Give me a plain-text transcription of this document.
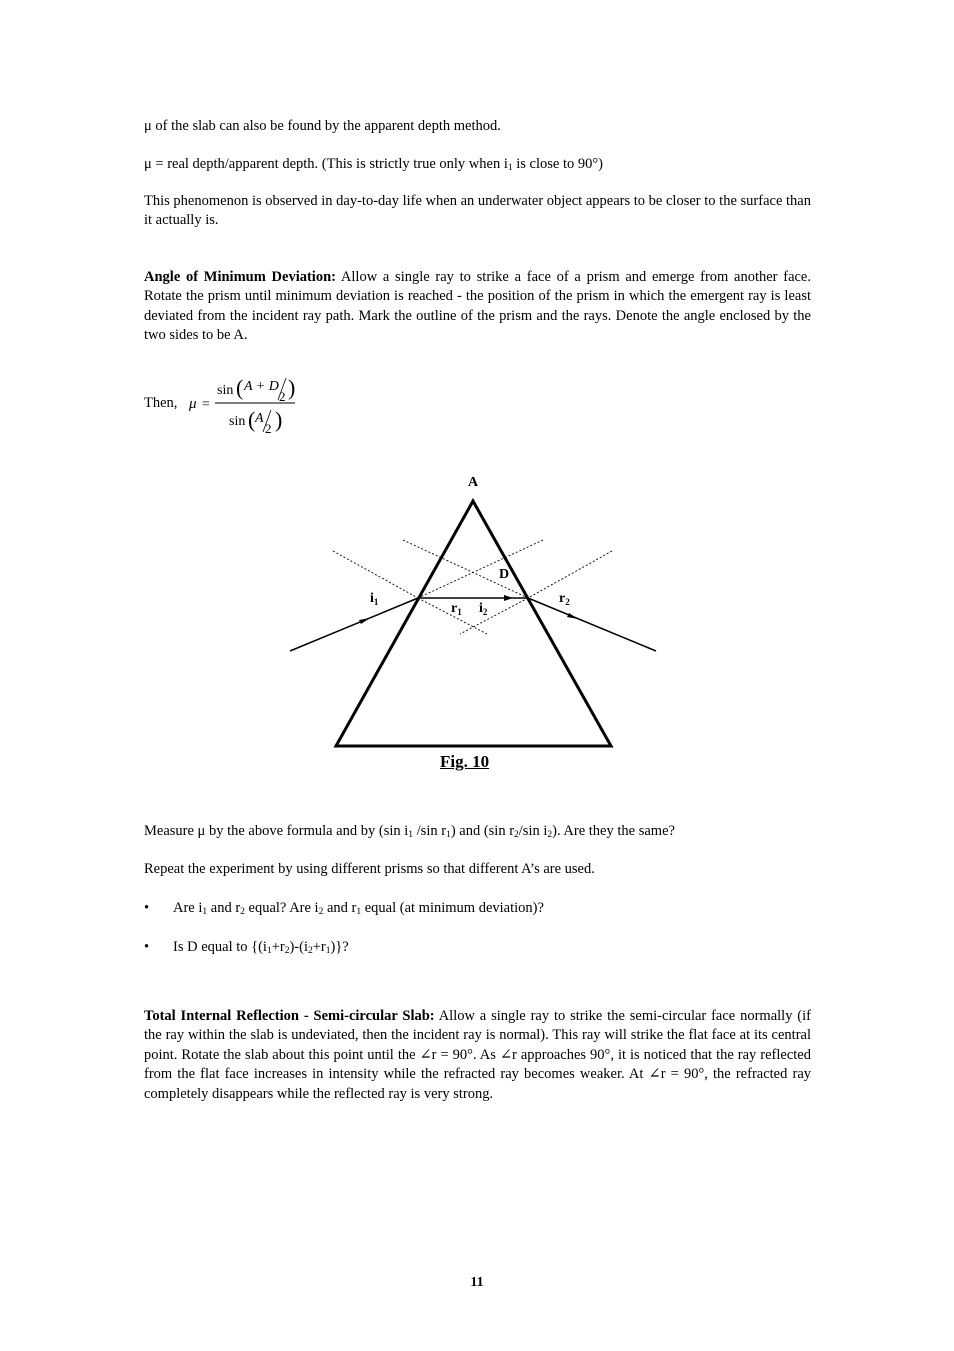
μ of the slab can also be found by the apparent depth method.

μ = real depth/apparent depth. (This is strictly true only when $i_1$ is close to 90°)

This phenomenon is observed in day-to-day life when an underwater object appears to be closer to the surface than it actually is.

Angle of Minimum Deviation: Allow a single ray to strike a face of a prism and emerge from another face. Rotate the prism until minimum deviation is reached - the position of the prism in which the emergent ray is least deviated from the incident ray path. Mark the outline of the prism and the rays. Denote the angle enclosed by the two sides to be A.

Then, μ =
sin ( A + D
2 )
sin ( A
2 )
A
D
$i_1$	$r_1$ $i_2$
$r_2$
Fig. 10

Measure μ by the above formula and by (sin $i_1$ /sin $r_1$) and (sin $r_2/\sin$ $i_2$). Are they the same?

Repeat the experiment by using different prisms so that different A’s are used.

• Are $i_1$ and $r_2$ equal? Are $i_2$ and $r_1$ equal (at minimum deviation)?
• Is D equal to $\{(i_1+r_2)-(i_2+r_1)\}$?

Total Internal Reflection - Semi-circular Slab: Allow a single ray to strike the semi-circular face normally (if the ray within the slab is undeviated, then the incident ray is normal). This ray will strike the flat face at its central point. Rotate the slab about this point until the ∠r = 90°. As ∠r approaches 90°, it is noticed that the ray reflected from the flat face increases in intensity while the refracted ray becomes weaker. At ∠r = 90°, the refracted ray completely disappears while the reflected ray is very strong.

11
